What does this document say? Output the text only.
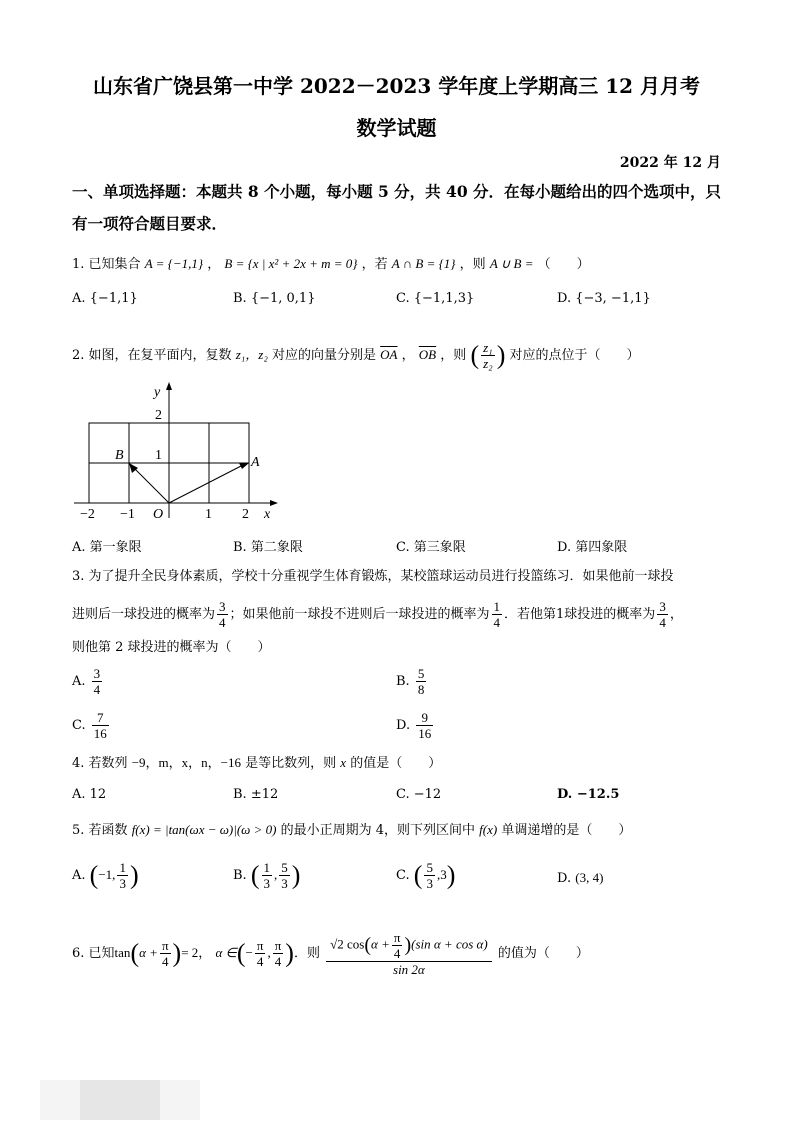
山东省广饶县第一中学 2022－2023 学年度上学期高三 12 月月考
数学试题
2022 年 12 月
一、单项选择题：本题共 8 个小题，每小题 5 分，共 40 分．在每小题给出的四个选项中，只
有一项符合题目要求．
1. 已知集合 A = {−1,1} ， B = {x | x² + 2x + m = 0} ，若 A ∩ B = {1} ，则 A ∪ B = （　　）
A. {−1,1}	B. {−1, 0,1}	C. {−1,1,3}	D. {−3, −1,1}
2. 如图，在复平面内，复数 z₁，z₂ 对应的向量分别是 $\overline{OA}$ ， $\overline{OB}$ ，则 ( $\frac{\text{z₁}}{\text{z₂}}$ ) 对应的点位于（　　）
y
x
2
1
B	A
O
−2 −1	1 2
A. 第一象限	B. 第二象限	C. 第三象限	D. 第四象限
3. 为了提升全民身体素质，学校十分重视学生体育锻炼，某校篮球运动员进行投篮练习．如果他前一球投
进则后一球投进的概率为 $\frac{3}{4}$ ；如果他前一球投不进则后一球投进的概率为 $\frac{1}{4}$ ．若他第1球投进的概率为 $\frac{3}{4}$ ，
则他第 2 球投进的概率为（　　）
A. $\frac{3}{4}$	B. $\frac{5}{8}$
C. $\frac{7}{16}$	D. $\frac{9}{16}$
4. 若数列 −9，m，x，n，−16 是等比数列，则 x 的值是（　　）
A. 12	B. ±12	C. −12	D. −12.5
5. 若函数 f(x) = |tan(ωx − ω)|(ω > 0) 的最小正周期为 4，则下列区间中 f(x) 单调递增的是（　　）
A. (−1, $\frac{1}{3}$ )	B. ( $\frac{1}{3}$ , $\frac{5}{3}$ )	C. ( $\frac{5}{3} ,3$)	D. (3, 4)
6. 已知$\tan(\alpha + \frac{\pi}{4}$ )= 2， α ∈(− $\frac{\pi}{4}$ , $\frac{\pi}{4}$ )．则 $\frac{√2 \cos(\alpha + \frac{\pi}{4} )(\sin \alpha + \cos \alpha)}{\sin 2\alpha}$ 的值为（　　）
